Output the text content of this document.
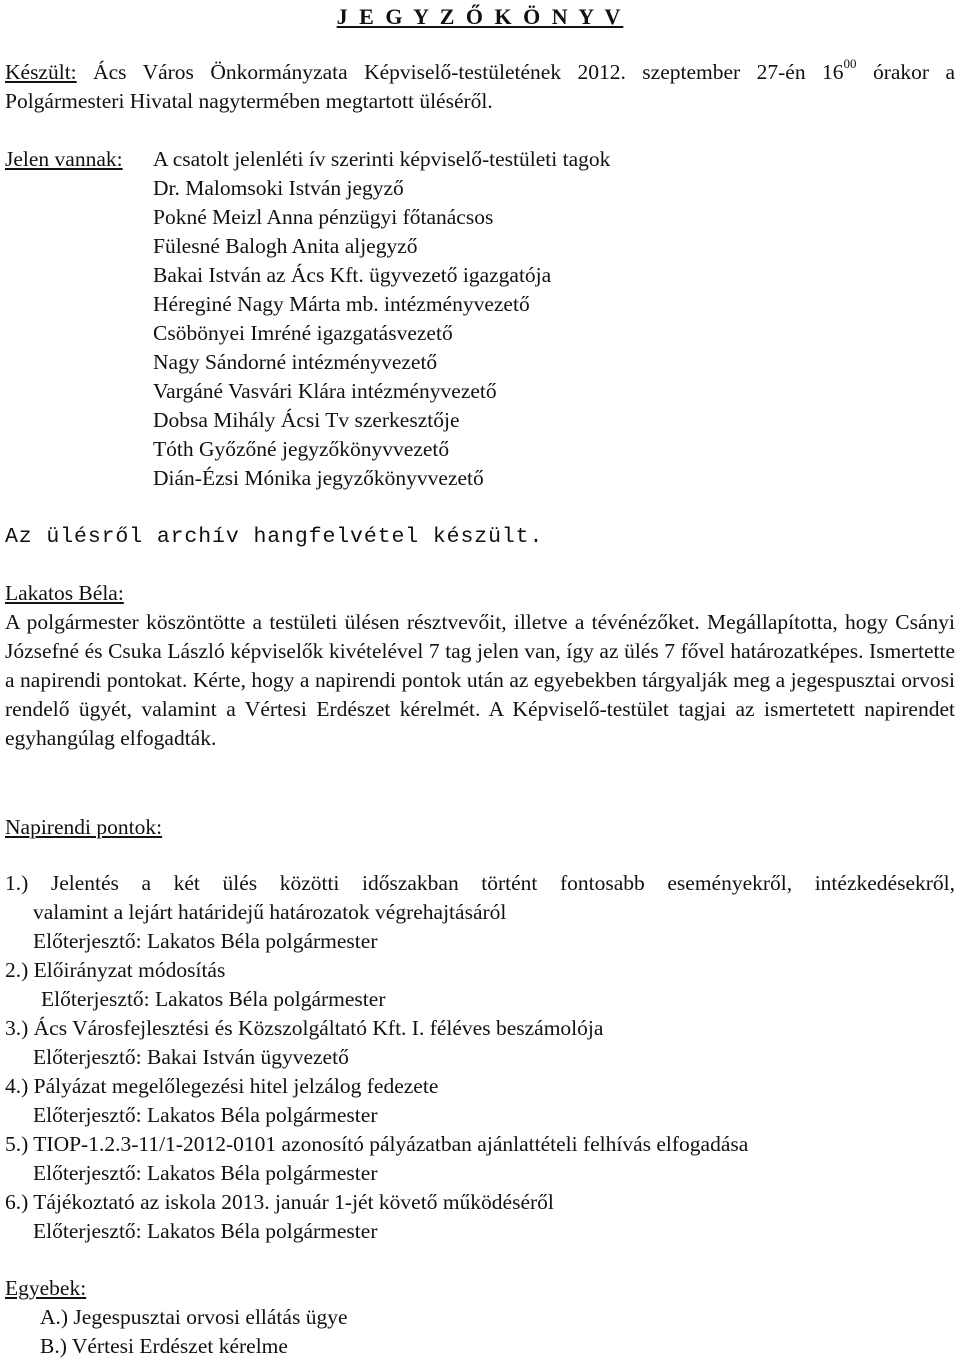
J E G Y Z Ő K Ö N Y V
Készült: Ács Város Önkormányzata Képviselő-testületének 2012. szeptember 27-én $16^{00}$ órakor a Polgármesteri Hivatal nagytermében megtartott üléséről.
Jelen vannak: A csatolt jelenléti ív szerinti képviselő-testületi tagok
Dr. Malomsoki István jegyző
Pokné Meizl Anna pénzügyi főtanácsos
Fülesné Balogh Anita aljegyző
Bakai István az Ács Kft. ügyvezető igazgatója
Héreginé Nagy Márta mb. intézményvezető
Csöbönyei Imréné igazgatásvezető
Nagy Sándorné intézményvezető
Vargáné Vasvári Klára intézményvezető
Dobsa Mihály Ácsi Tv szerkesztője
Tóth Győzőné jegyzőkönyvvezető
Dián-Ézsi Mónika jegyzőkönyvvezető
Az ülésről archív hangfelvétel készült.
Lakatos Béla:
A polgármester köszöntötte a testületi ülésen résztvevőit, illetve a tévénézőket. Megállapította, hogy Csányi Józsefné és Csuka László képviselők kivételével 7 tag jelen van, így az ülés 7 fővel határozatképes. Ismertette a napirendi pontokat. Kérte, hogy a napirendi pontok után az egyebekben tárgyalják meg a jegespusztai orvosi rendelő ügyét, valamint a Vértesi Erdészet kérelmét. A Képviselő-testület tagjai az ismertetett napirendet egyhangúlag elfogadták.
Napirendi pontok:
1.) Jelentés a két ülés közötti időszakban történt fontosabb eseményekről, intézkedésekről,
valamint a lejárt határidejű határozatok végrehajtásáról
Előterjesztő: Lakatos Béla polgármester
2.) Előirányzat módosítás
Előterjesztő: Lakatos Béla polgármester
3.) Ács Városfejlesztési és Közszolgáltató Kft. I. féléves beszámolója
Előterjesztő: Bakai István ügyvezető
4.) Pályázat megelőlegezési hitel jelzálog fedezete
Előterjesztő: Lakatos Béla polgármester
5.) TIOP-1.2.3-11/1-2012-0101 azonosító pályázatban ajánlattételi felhívás elfogadása
Előterjesztő: Lakatos Béla polgármester
6.) Tájékoztató az iskola 2013. január 1-jét követő működéséről
Előterjesztő: Lakatos Béla polgármester
Egyebek:
A.) Jegespusztai orvosi ellátás ügye
B.) Vértesi Erdészet kérelme
